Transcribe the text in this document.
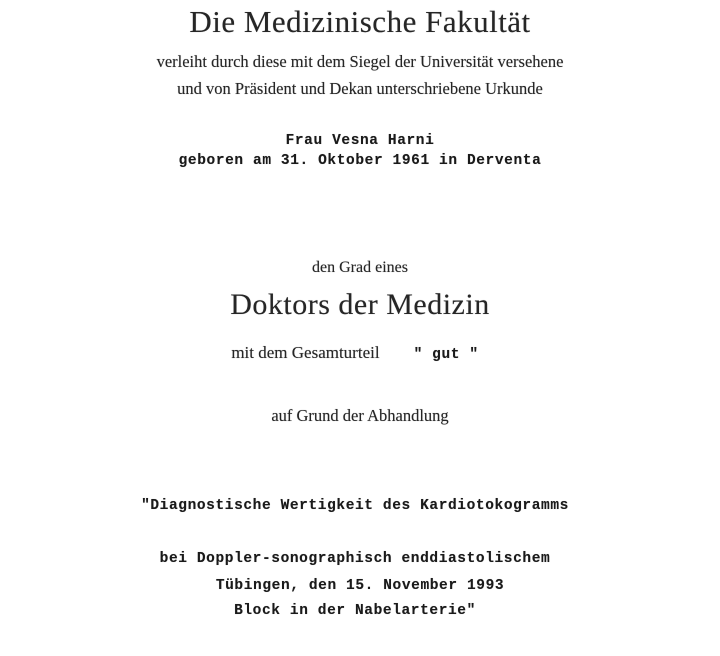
Die Medizinische Fakultät
verleiht durch diese mit dem Siegel der Universität versehene
und von Präsident und Dekan unterschriebene Urkunde
Frau Vesna Harni
geboren am 31. Oktober 1961 in Derventa
den Grad eines
Doktors der Medizin
mit dem Gesamturteil " gut "
auf Grund der Abhandlung

"Diagnostische Wertigkeit des Kardiotokogramms

bei Doppler-sonographisch enddiastolischem

Block in der Nabelarterie"

Tübingen, den 15. November 1993
